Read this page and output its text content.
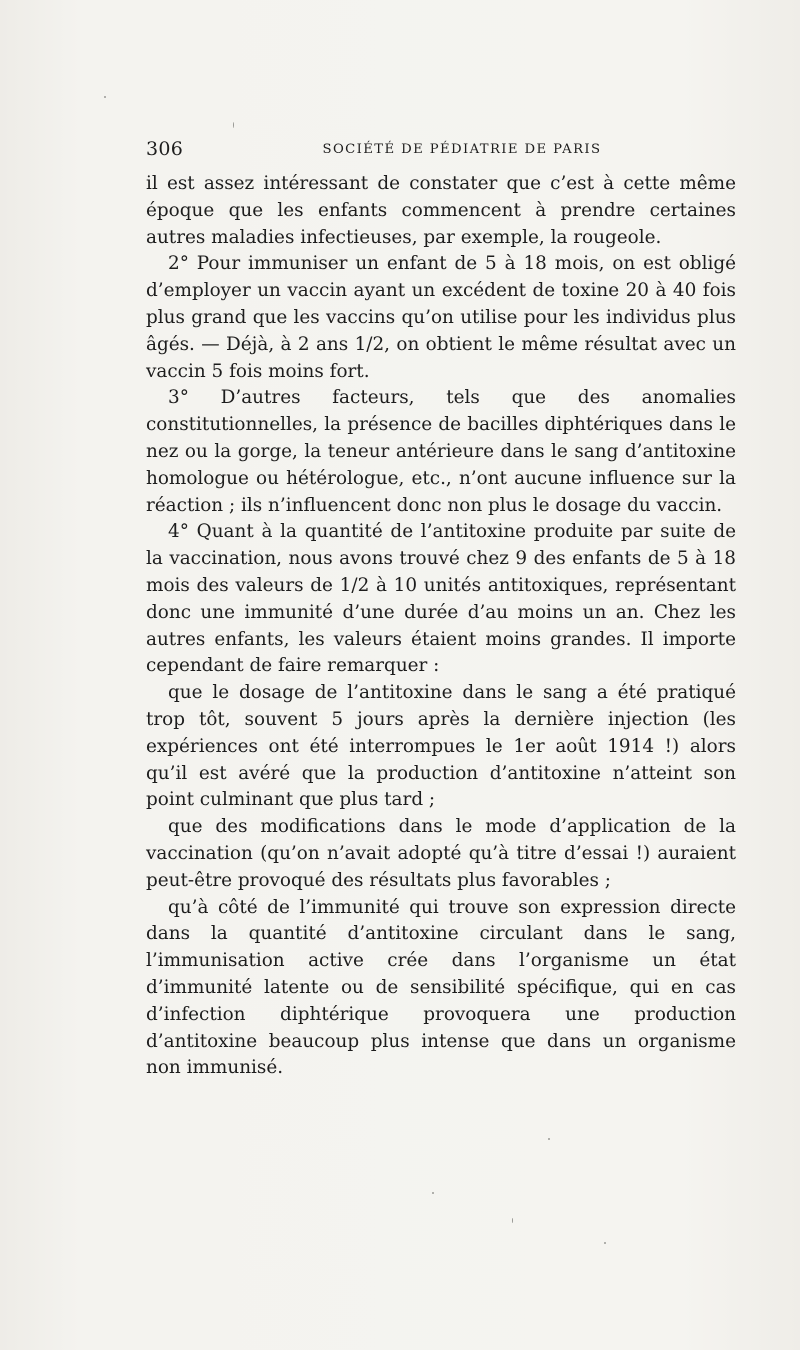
306	SOCIÉTÉ DE PÉDIATRIE DE PARIS

il est assez intéressant de constater que c’est à cette même époque que les enfants commencent à prendre certaines autres maladies infectieuses, par exemple, la rougeole.

2° Pour immuniser un enfant de 5 à 18 mois, on est obligé d’employer un vaccin ayant un excédent de toxine 20 à 40 fois plus grand que les vaccins qu’on utilise pour les individus plus âgés. — Déjà, à 2 ans 1/2, on obtient le même résultat avec un vaccin 5 fois moins fort.

3° D’autres facteurs, tels que des anomalies constitutionnelles, la présence de bacilles diphtériques dans le nez ou la gorge, la teneur antérieure dans le sang d’antitoxine homologue ou hétérologue, etc., n’ont aucune influence sur la réaction ; ils n’influencent donc non plus le dosage du vaccin.

4° Quant à la quantité de l’antitoxine produite par suite de la vaccination, nous avons trouvé chez 9 des enfants de 5 à 18 mois des valeurs de 1/2 à 10 unités antitoxiques, représentant donc une immunité d’une durée d’au moins un an. Chez les autres enfants, les valeurs étaient moins grandes. Il importe cependant de faire remarquer :

que le dosage de l’antitoxine dans le sang a été pratiqué trop tôt, souvent 5 jours après la dernière injection (les expériences ont été interrompues le 1er août 1914 !) alors qu’il est avéré que la production d’antitoxine n’atteint son point culminant que plus tard ;

que des modifications dans le mode d’application de la vaccination (qu’on n’avait adopté qu’à titre d’essai !) auraient peut-être provoqué des résultats plus favorables ;

qu’à côté de l’immunité qui trouve son expression directe dans la quantité d’antitoxine circulant dans le sang, l’immunisation active crée dans l’organisme un état d’immunité latente ou de sensibilité spécifique, qui en cas d’infection diphtérique provoquera une production d’antitoxine beaucoup plus intense que dans un organisme non immunisé.
